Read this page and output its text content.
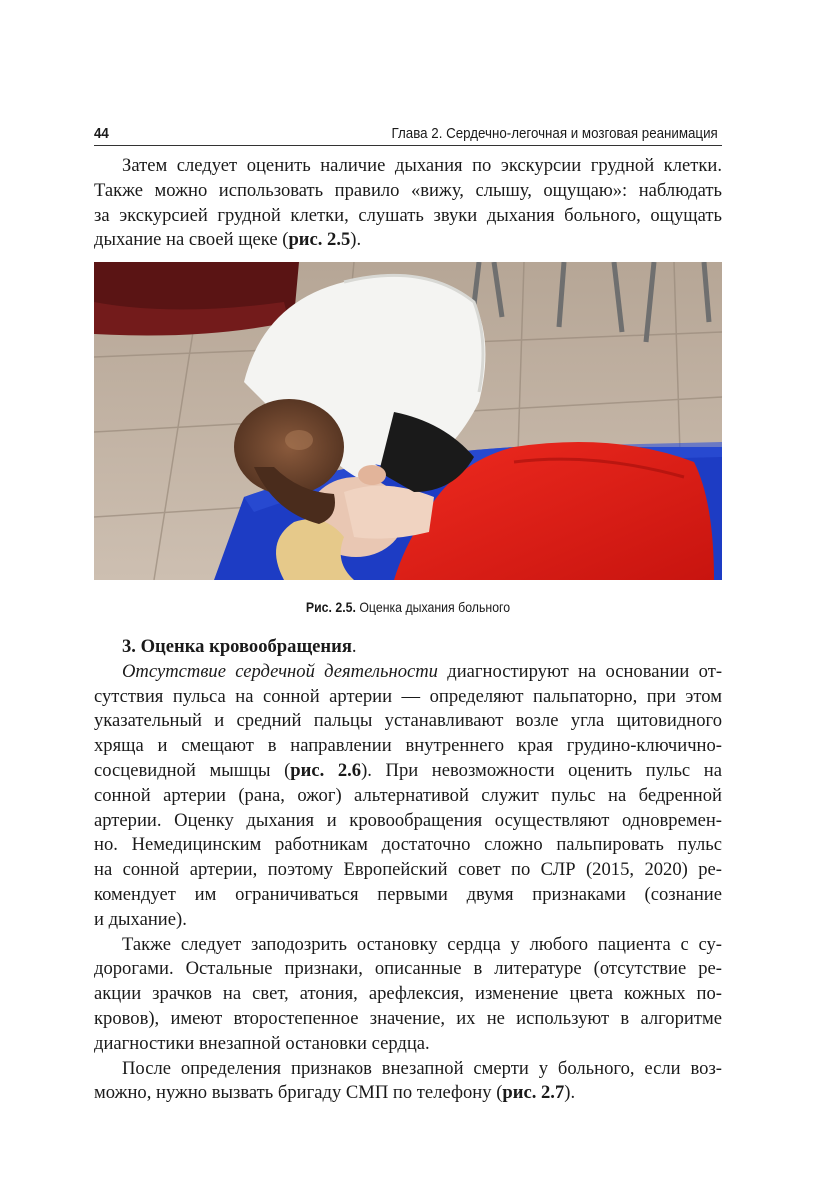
44	Глава 2. Сердечно-легочная и мозговая реанимация
Затем следует оценить наличие дыхания по экскурсии грудной клетки.
Также можно использовать правило «вижу, слышу, ощущаю»: наблюдать
за экскурсией грудной клетки, слушать звуки дыхания больного, ощущать
дыхание на своей щеке (рис. 2.5).
Рис. 2.5. Оценка дыхания больного
3. Оценка кровообращения.
Отсутствие сердечной деятельности диагностируют на основании от-
сутствия пульса на сонной артерии — определяют пальпаторно, при этом
указательный и средний пальцы устанавливают возле угла щитовидного
хряща и смещают в направлении внутреннего края грудино-ключично-
сосцевидной мышцы (рис. 2.6). При невозможности оценить пульс на
сонной артерии (рана, ожог) альтернативой служит пульс на бедренной
артерии. Оценку дыхания и кровообращения осуществляют одновремен-
но. Немедицинским работникам достаточно сложно пальпировать пульс
на сонной артерии, поэтому Европейский совет по СЛР (2015, 2020) ре-
комендует им ограничиваться первыми двумя признаками (сознание
и дыхание).
Также следует заподозрить остановку сердца у любого пациента с су-
дорогами. Остальные признаки, описанные в литературе (отсутствие ре-
акции зрачков на свет, атония, арефлексия, изменение цвета кожных по-
кровов), имеют второстепенное значение, их не используют в алгоритме
диагностики внезапной остановки сердца.
После определения признаков внезапной смерти у больного, если воз-
можно, нужно вызвать бригаду СМП по телефону (рис. 2.7).
